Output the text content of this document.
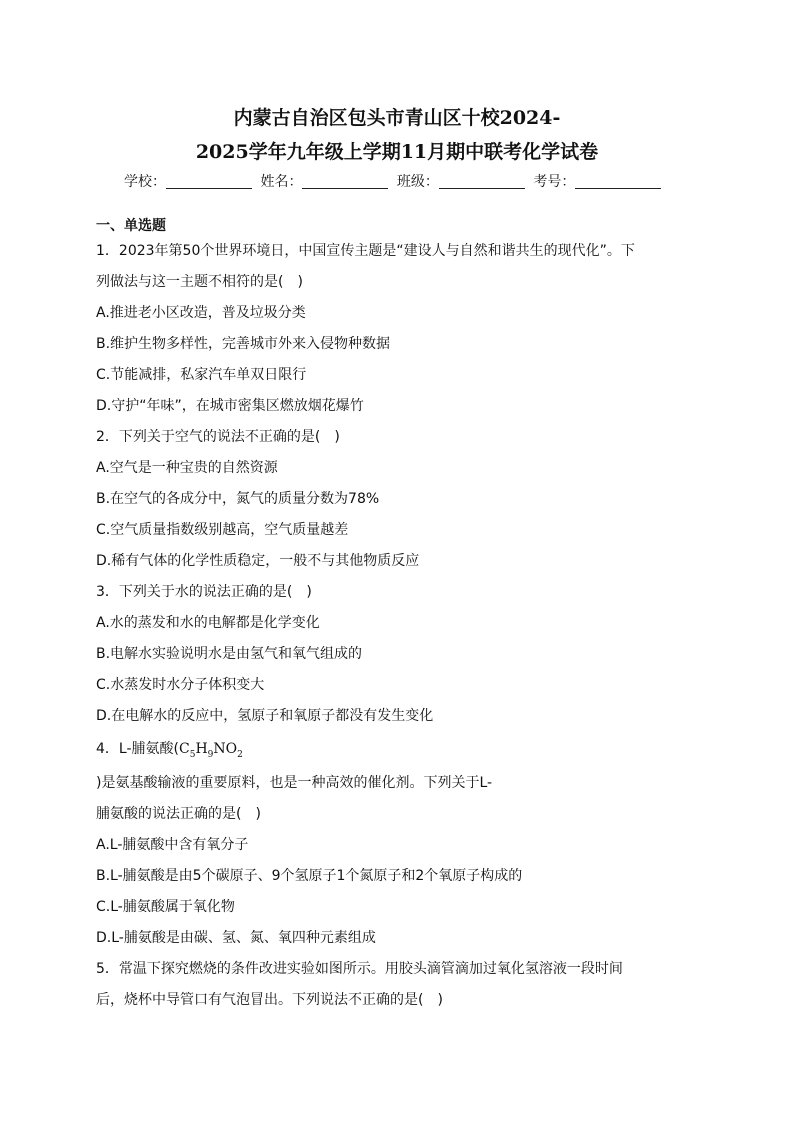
内蒙古自治区包头市青山区十校2024-
2025学年九年级上学期11月期中联考化学试卷
学校：	姓名：	班级：	考号：
一、单选题
1．2023年第50个世界环境日，中国宣传主题是“建设人与自然和谐共生的现代化”。下
列做法与这一主题不相符的是(　)
A.推进老小区改造，普及垃圾分类
B.维护生物多样性，完善城市外来入侵物种数据
C.节能减排，私家汽车单双日限行
D.守护“年味”，在城市密集区燃放烟花爆竹
2．下列关于空气的说法不正确的是(　)
A.空气是一种宝贵的自然资源
B.在空气的各成分中，氮气的质量分数为78%
C.空气质量指数级别越高，空气质量越差
D.稀有气体的化学性质稳定，一般不与其他物质反应
3．下列关于水的说法正确的是(　)
A.水的蒸发和水的电解都是化学变化
B.电解水实验说明水是由氢气和氧气组成的
C.水蒸发时水分子体积变大
D.在电解水的反应中，氢原子和氧原子都没有发生变化
4．L-脯氨酸($C_5H_9NO_2$
)是氨基酸输液的重要原料，也是一种高效的催化剂。下列关于L-
脯氨酸的说法正确的是(　)
A.L-脯氨酸中含有氧分子
B.L-脯氨酸是由5个碳原子、9个氢原子1个氮原子和2个氧原子构成的
C.L-脯氨酸属于氧化物
D.L-脯氨酸是由碳、氢、氮、氧四种元素组成
5．常温下探究燃烧的条件改进实验如图所示。用胶头滴管滴加过氧化氢溶液一段时间
后，烧杯中导管口有气泡冒出。下列说法不正确的是(　)
